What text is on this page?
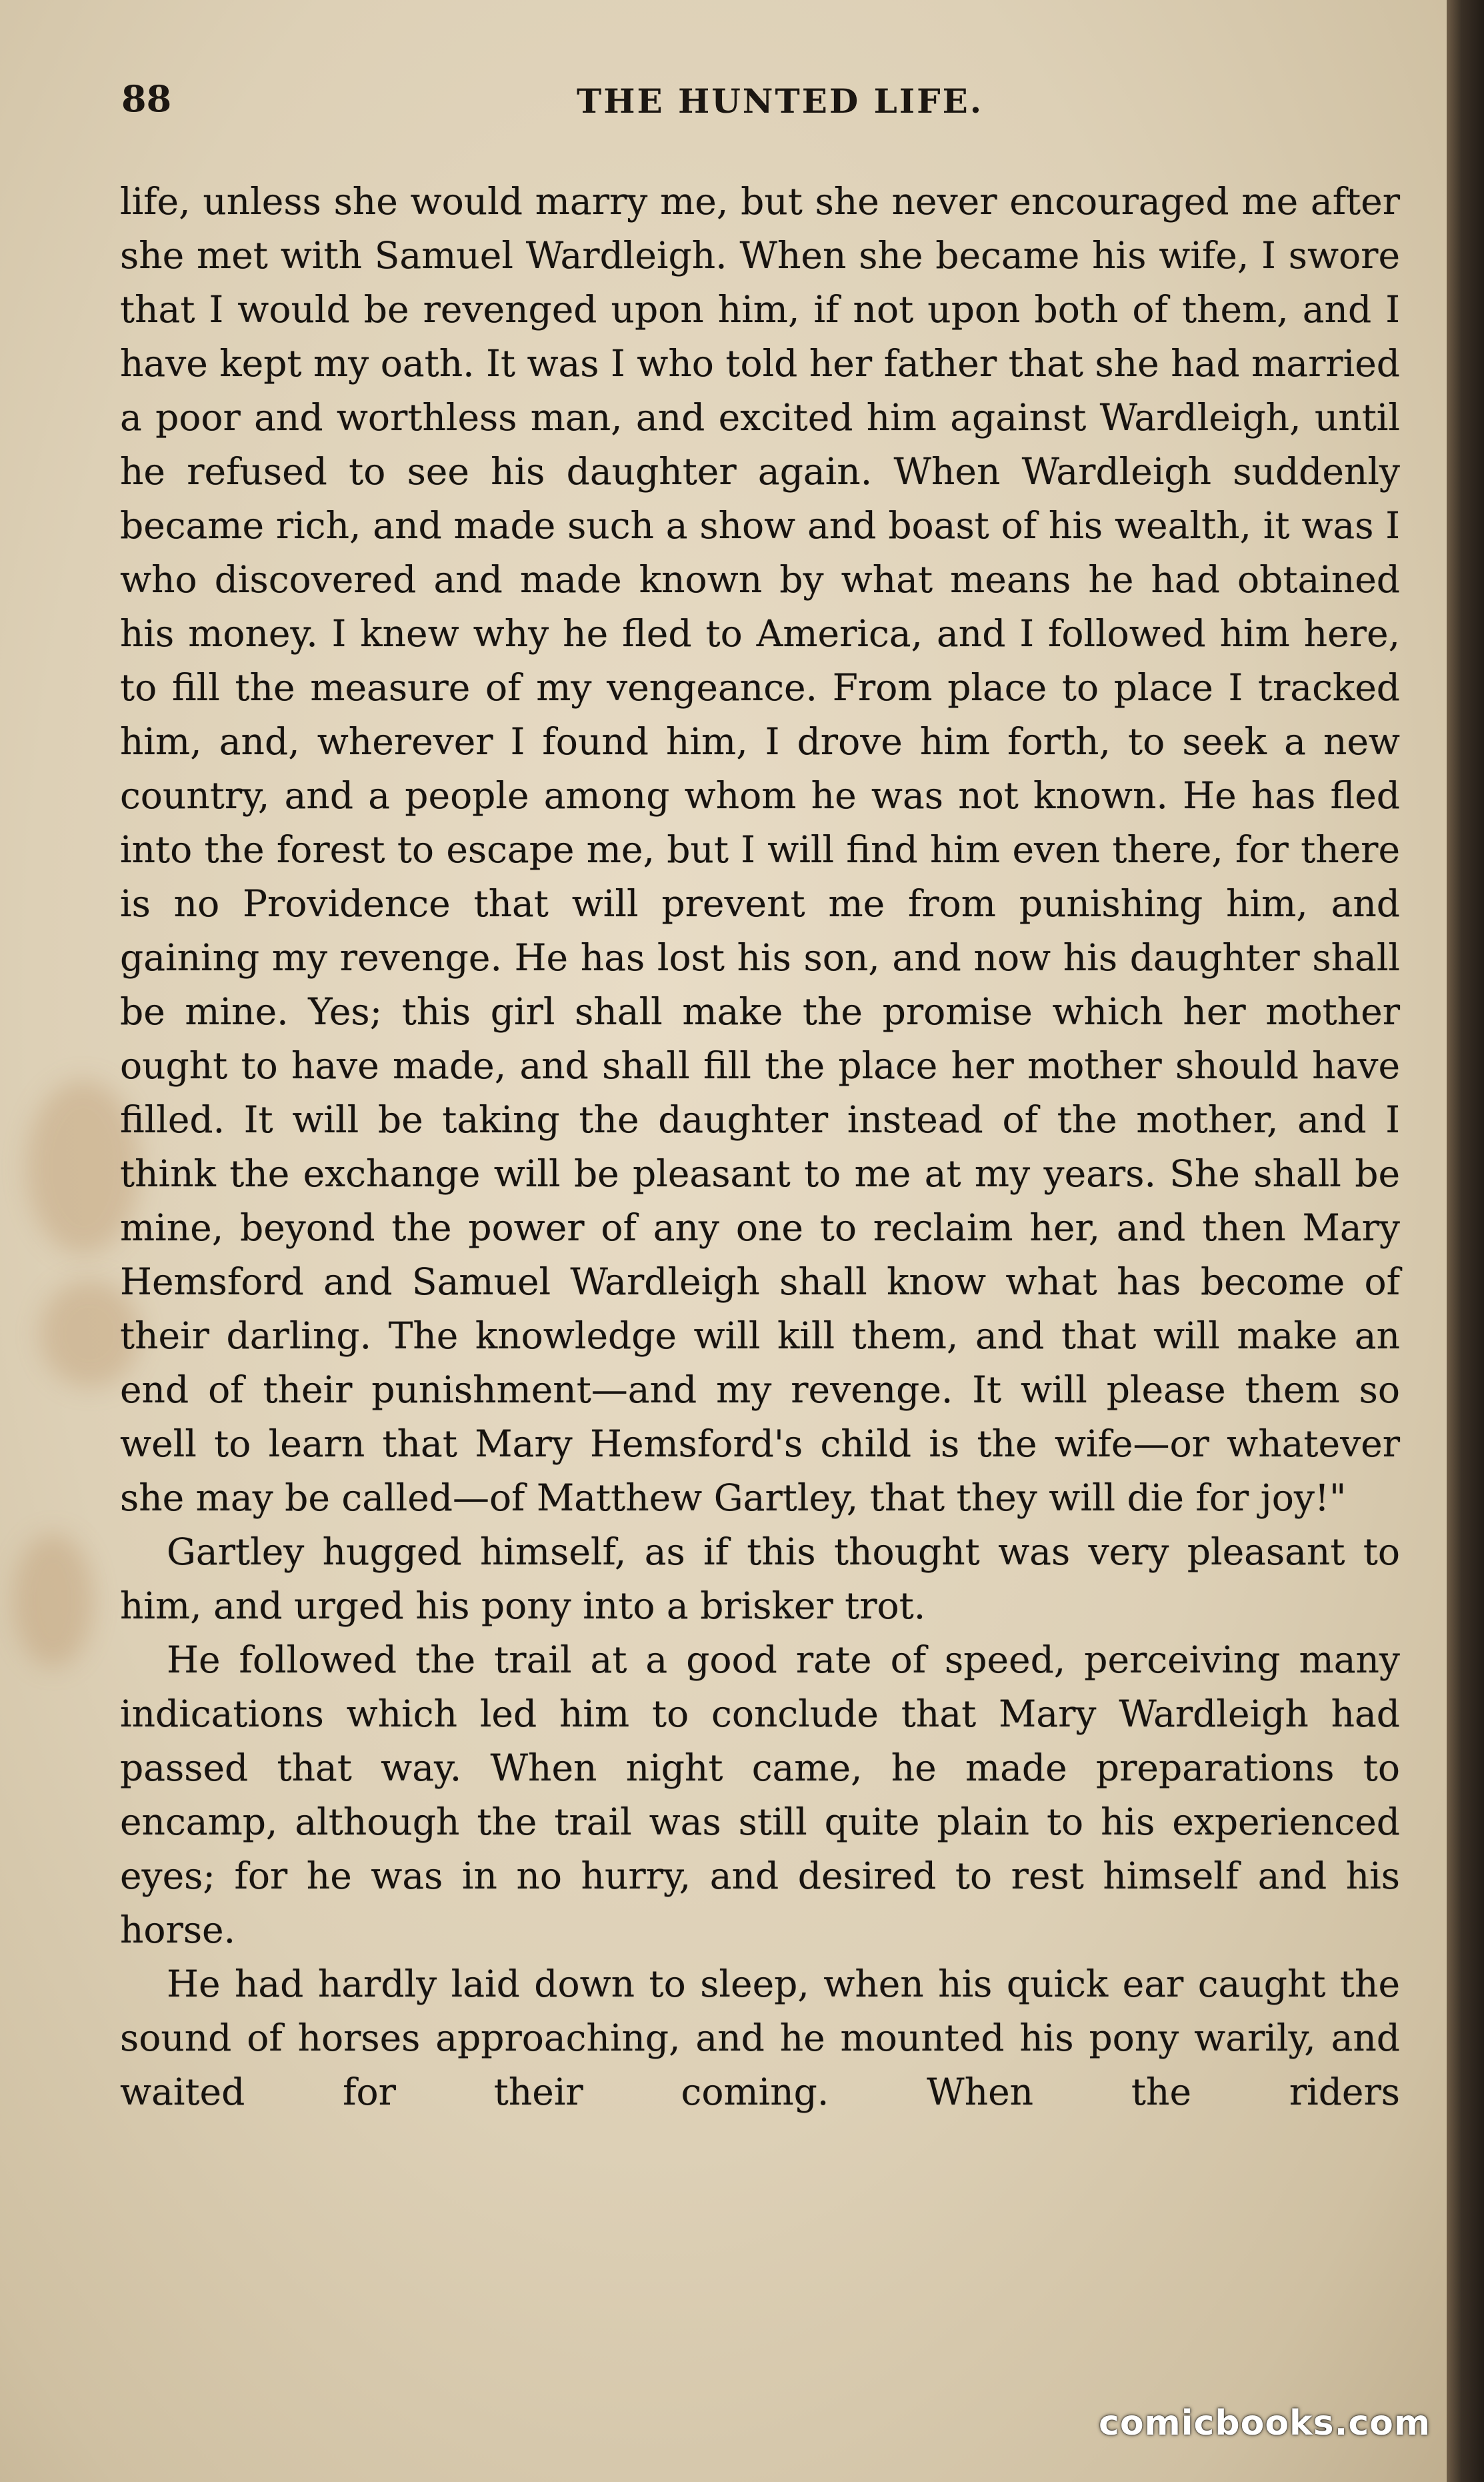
88	THE HUNTED LIFE.

life, unless she would marry me, but she never encouraged me after she met with Samuel Wardleigh. When she became his wife, I swore that I would be revenged upon him, if not upon both of them, and I have kept my oath. It was I who told her father that she had married a poor and worthless man, and excited him against Wardleigh, until he refused to see his daughter again. When Wardleigh suddenly became rich, and made such a show and boast of his wealth, it was I who discovered and made known by what means he had obtained his money. I knew why he fled to America, and I followed him here, to fill the measure of my vengeance. From place to place I tracked him, and, wherever I found him, I drove him forth, to seek a new country, and a people among whom he was not known. He has fled into the forest to escape me, but I will find him even there, for there is no Providence that will prevent me from punishing him, and gaining my revenge. He has lost his son, and now his daughter shall be mine. Yes; this girl shall make the promise which her mother ought to have made, and shall fill the place her mother should have filled. It will be taking the daughter instead of the mother, and I think the exchange will be pleasant to me at my years. She shall be mine, beyond the power of any one to reclaim her, and then Mary Hemsford and Samuel Wardleigh shall know what has become of their darling. The knowledge will kill them, and that will make an end of their punishment—and my revenge. It will please them so well to learn that Mary Hemsford's child is the wife—or whatever she may be called—of Matthew Gartley, that they will die for joy!"

Gartley hugged himself, as if this thought was very pleasant to him, and urged his pony into a brisker trot.

He followed the trail at a good rate of speed, perceiving many indications which led him to conclude that Mary Wardleigh had passed that way. When night came, he made preparations to encamp, although the trail was still quite plain to his experienced eyes; for he was in no hurry, and desired to rest himself and his horse.

He had hardly laid down to sleep, when his quick ear caught the sound of horses approaching, and he mounted his pony warily, and waited for their coming. When the riders

comicbooks.com
